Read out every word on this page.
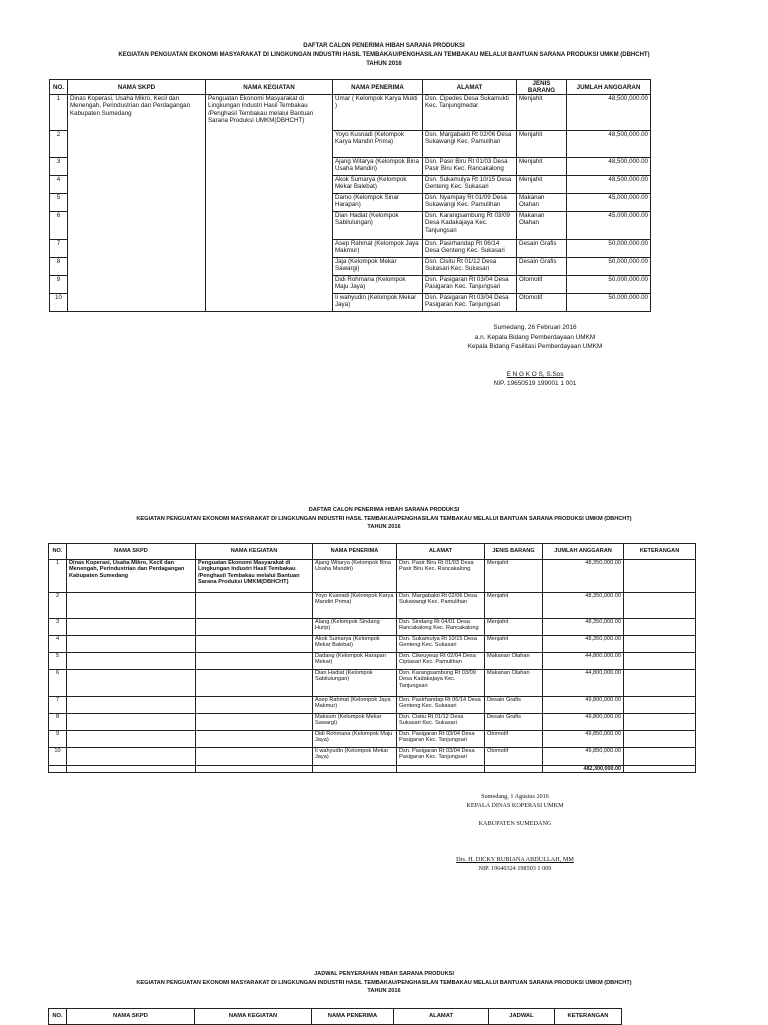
DAFTAR CALON PENERIMA HIBAH SARANA PRODUKSI
KEGIATAN PENGUATAN EKONOMI MASYARAKAT DI LINGKUNGAN INDUSTRI HASIL TEMBAKAU/PENGHASILAN TEMBAKAU MELALUI BANTUAN SARANA PRODUKSI UMKM (DBHCHT)
TAHUN 2016
NO.	NAMA SKPD	NAMA KEGIATAN	NAMA PENERIMA	ALAMAT	JENIS BARANG	JUMLAH ANGGARAN
1	Dinas Koperasi, Usaha Mikro, Kecil dan Menengah, Perindustrian dan Perdagangan Kabupaten Sumedang	Penguatan Ekonomi Masyarakat di Lingkungan Industri Hasil Tembakau /Penghasil Tembakau melalui Bantuan Sarana Produksi UMKM(DBHCHT)	Umar ( Kelompok Karya Mukti )	Dsn. Cipedes Desa Sukamukti Kec. Tanjungmedar	Menjahit	48,500,000.00
2			Yoyo Kusnadi (Kelompok Karya Mandiri Prima)	Dsn. Margabakti Rt 02/06 Desa Sukawangi Kec. Pamulihan	Menjahit	48,500,000.00
3			Ajang Witarya (Kelompok Bina Usaha Mandiri)	Dsn. Pasir Biru Rt 01/03 Desa Pasir Biru Kec. Rancakalong	Menjahit	48,500,000.00
4			Akok Sumarya (Kelompok Mekar Balebat)	Dsn. Sukamulya Rt 10/15 Desa Genteng Kec. Sukasari	Menjahit	48,500,000.00
5			Damo (Kelompok Sinar Harapan)	Dsn. Nyampay Rt 01/09 Desa Sukawangi Kec. Pamulihan	Makanan Olahan	45,000,000.00
6			Dian Hadiat (Kelompok Sabilulungan)	Dsn. Karangsambung Rt 03/09 Desa Kadakajaya Kec. Tanjungsari	Makanan Olahan	45,000,000.00
7			Asep Rahmat (Kelompok Jaya Makmur)	Dsn. Pasirhandap Rt 06/14 Desa Genteng Kec. Sukasari	Desain Grafis	50,000,000.00
8			Jaja (Kelompok Mekar Sawargi)	Dsn. Cisitu Rt 01/12 Desa Sukasari Kec. Sukasari	Desain Grafis	50,000,000.00
9			Didi Rohmana (Kelompok Maju Jaya)	Dsn. Pasigaran Rt 03/04 Desa Pasigaran Kec. Tanjungsari	Otomotif	50,000,000.00
10			Ii wahyudin (Kelompok Mekar Jaya)	Dsn. Pasigaran Rt 03/04 Desa Pasigaran Kec. Tanjungsari	Otomotif	50,000,000.00
Sumedang, 26 Februari 2016
a.n. Kepala Bidang Pemberdayaan UMKM
Kepala Bidang Fasilitasi Pemberdayaan UMKM
E N G K O S, S.Sos
NIP. 19650519 199001 1 001
DAFTAR CALON PENERIMA HIBAH SARANA PRODUKSI
KEGIATAN PENGUATAN EKONOMI MASYARAKAT DI LINGKUNGAN INDUSTRI HASIL TEMBAKAU/PENGHASILAN TEMBAKAU MELALUI BANTUAN SARANA PRODUKSI UMKM (DBHCHT)
TAHUN 2016
NO.	NAMA SKPD	NAMA KEGIATAN	NAMA PENERIMA	ALAMAT	JENIS BARANG	JUMLAH ANGGARAN	KETERANGAN
1	Dinas Koperasi, Usaha Mikro, Kecil dan Menengah, Perindustrian dan Perdagangan Kabupaten Sumedang	Penguatan Ekonomi Masyarakat di Lingkungan Industri Hasil Tembakau /Penghasil Tembakau melalui Bantuan Sarana Produksi UMKM(DBHCHT)	Ajang Witarya (Kelompok Bina Usaha Mandiri)	Dsn. Pasir Biru Rt 01/03 Desa Pasir Biru Kec. Rancakalong	Menjahit	48,350,000.00	
2			Yoyo Kusnadi (Kelompok Karya Mandiri Prima)	Dsn. Margabakti Rt 02/06 Desa Sukawangi Kec. Pamulihan	Menjahit	48,350,000.00	
3			Alang (Kelompok Sindang Hurip)	Dsn. Sindang Rt 04/01 Desa Rancakalong Kec. Rancakalong	Menjahit	48,350,000.00	
4			Akok Sumarya (Kelompok Mekar Balebat)	Dsn. Sukamulya Rt 10/15 Desa Genteng Kec. Sukasari	Menjahit	48,350,000.00	
5			Dadang (Kelompok Harapan Mekar)	Dsn. Cikeuyeup Rt 02/04 Desa Ciptasari Kec. Pamulihan	Makanan Olahan	44,800,000.00	
6			Dian Hadiat (Kelompok Sabilulungan)	Dsn. Karangsambung Rt 03/09 Desa Kadakajaya Kec. Tanjungsari	Makanan Olahan	44,800,000.00	
7			Asep Rahmat (Kelompok Jaya Makmur)	Dsn. Pasirhandap Rt 06/14 Desa Genteng Kec. Sukasari	Desain Grafis	49,800,000.00	
8			Maksum (Kelompok Mekar Sawargi)	Dsn. Cisitu Rt 01/12 Desa Sukasari Kec. Sukasari	Desain Grafis	49,800,000.00	
9			Didi Rohmana (Kelompok Maju Jaya)	Dsn. Pasigaran Rt 03/04 Desa Pasigaran Kec. Tanjungsari	Otomotif	49,850,000.00	
10			Ii wahyudin (Kelompok Mekar Jaya)	Dsn. Pasigaran Rt 03/04 Desa Pasigaran Kec. Tanjungsari	Otomotif	49,850,000.00	
						482,300,000.00	
Sumedang, 1 Agustus 2016
KEPALA DINAS KOPERASI UMKM
KABUPATEN SUMEDANG
Drs. H. DICKY RUBIANA ABDULLAH, MM
NIP. 19640324 198503 1 009
JADWAL PENYERAHAN HIBAH SARANA PRODUKSI
KEGIATAN PENGUATAN EKONOMI MASYARAKAT DI LINGKUNGAN INDUSTRI HASIL TEMBAKAU/PENGHASILAN TEMBAKAU MELALUI BANTUAN SARANA PRODUKSI UMKM (DBHCHT)
TAHUN 2016
NO.	NAMA SKPD	NAMA KEGIATAN	NAMA PENERIMA	ALAMAT	JADWAL	KETERANGAN
